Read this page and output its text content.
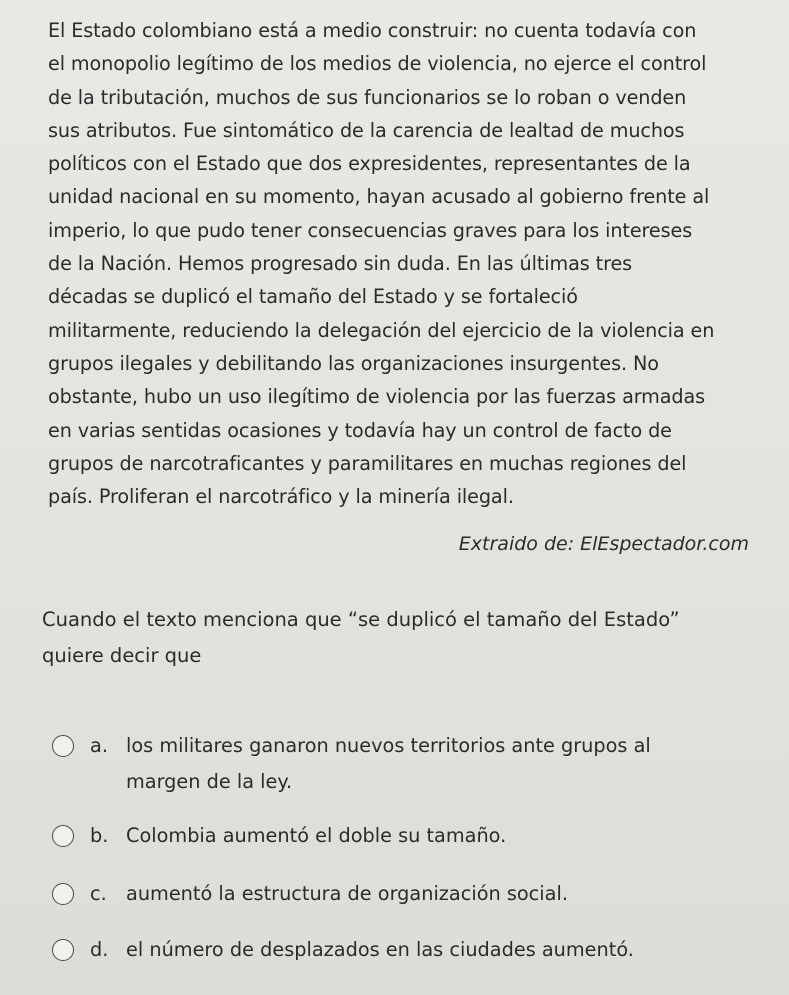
El Estado colombiano está a medio construir: no cuenta todavía con
el monopolio legítimo de los medios de violencia, no ejerce el control
de la tributación, muchos de sus funcionarios se lo roban o venden
sus atributos. Fue sintomático de la carencia de lealtad de muchos
políticos con el Estado que dos expresidentes, representantes de la
unidad nacional en su momento, hayan acusado al gobierno frente al
imperio, lo que pudo tener consecuencias graves para los intereses
de la Nación. Hemos progresado sin duda. En las últimas tres
décadas se duplicó el tamaño del Estado y se fortaleció
militarmente, reduciendo la delegación del ejercicio de la violencia en
grupos ilegales y debilitando las organizaciones insurgentes. No
obstante, hubo un uso ilegítimo de violencia por las fuerzas armadas
en varias sentidas ocasiones y todavía hay un control de facto de
grupos de narcotraficantes y paramilitares en muchas regiones del
país. Proliferan el narcotráfico y la minería ilegal.

Extraido de: ElEspectador.com
Cuando el texto menciona que “se duplicó el tamaño del Estado”
quiere decir que
a. los militares ganaron nuevos territorios ante grupos al
margen de la ley.
b. Colombia aumentó el doble su tamaño.
c. aumentó la estructura de organización social.
d. el número de desplazados en las ciudades aumentó.
